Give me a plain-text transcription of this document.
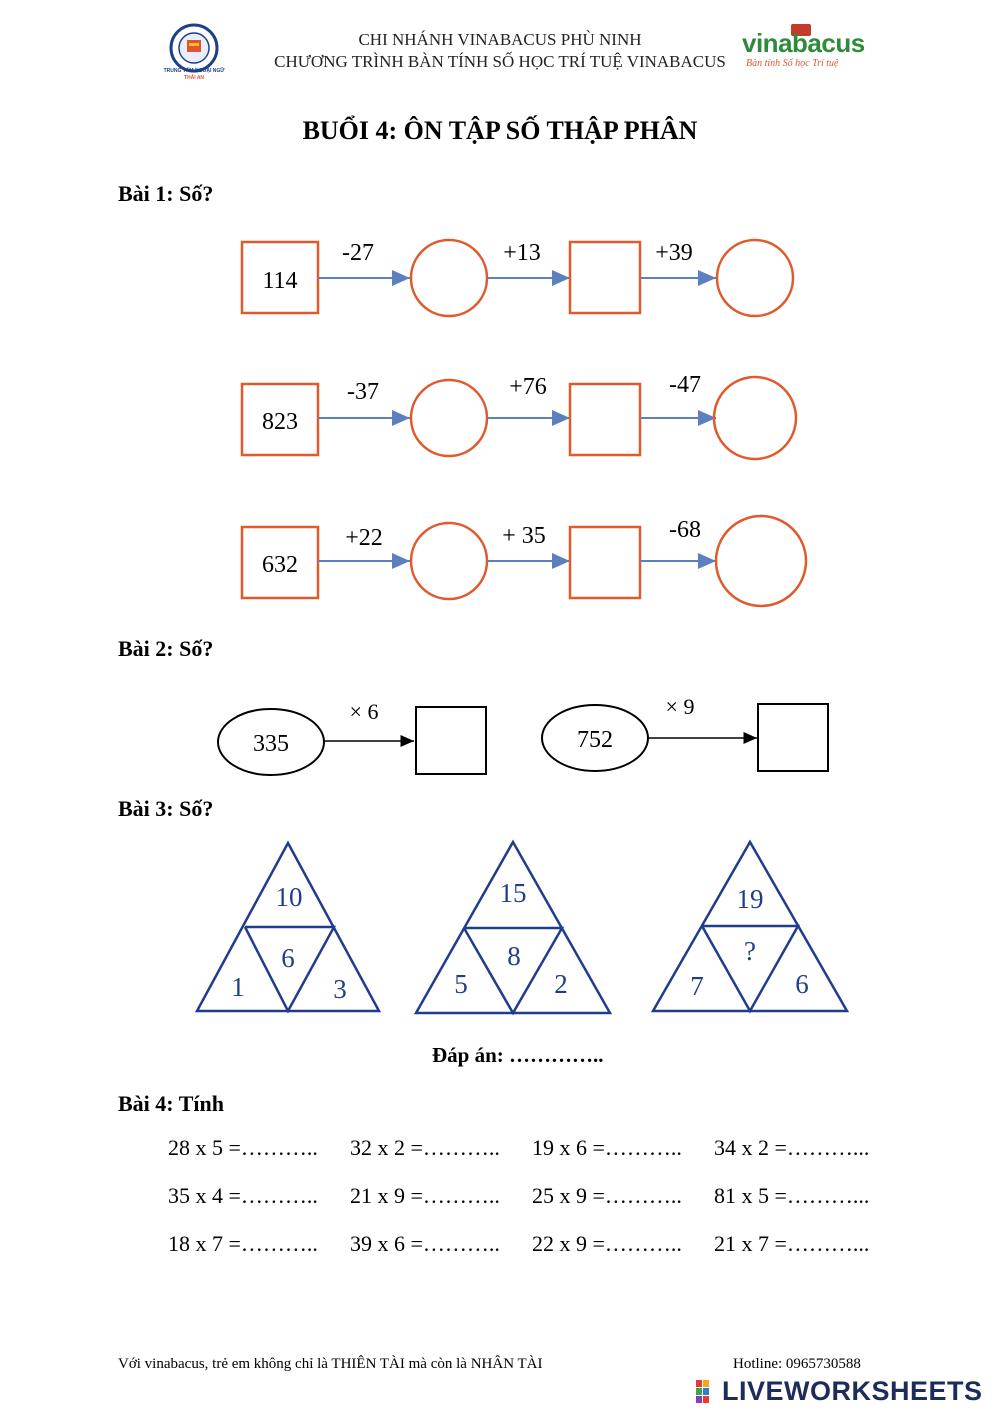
TRUNG TÂM NGOẠI NGỮ
THÁI AN
CHI NHÁNH VINABACUS PHÙ NINH
CHƯƠNG TRÌNH BÀN TÍNH SỐ HỌC TRÍ TUỆ VINABACUS
vinabacus
Bàn tính Số học Trí tuệ
BUỔI 4: ÔN TẬP SỐ THẬP PHÂN
Bài 1: Số?
114
-27	+13	+39
823
-37	+76	-47
632
+22	+ 35	-68
Bài 2: Số?
335
× 6
752
× 9
Bài 3: Số?
10
6
1	3
15
8
5	2
19
?
7	6
Đáp án: …………..
Bài 4: Tính
28 x 5 =……….. 32 x 2 =……….. 19 x 6 =……….. 34 x 2 =………...
35 x 4 =……….. 21 x 9 =……….. 25 x 9 =……….. 81 x 5 =………...
18 x 7 =……….. 39 x 6 =……….. 22 x 9 =……….. 21 x 7 =………...
Với vinabacus, trẻ em không chỉ là THIÊN TÀI mà còn là NHÂN TÀI	Hotline: 0965730588
LIVEWORKSHEETS
